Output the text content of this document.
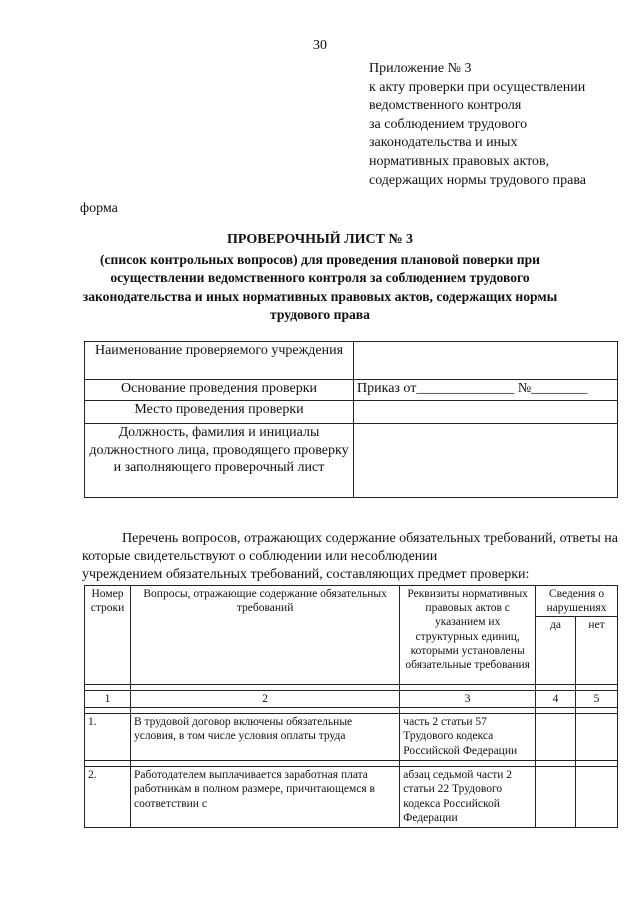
30
Приложение № 3
к акту проверки при осуществлении
ведомственного контроля
за соблюдением трудового
законодательства и иных
нормативных правовых актов,
содержащих нормы трудового права
форма
ПРОВЕРОЧНЫЙ ЛИСТ № 3
(список контрольных вопросов) для проведения плановой поверки при осуществлении ведомственного контроля за соблюдением трудового законодательства и иных нормативных правовых актов, содержащих нормы трудового права
Наименование проверяемого учреждения	
Основание проведения проверки	Приказ от______________ №________
Место проведения проверки	
Должность, фамилия и инициалы должностного лица, проводящего проверку и заполняющего проверочный лист	
Перечень вопросов, отражающих содержание обязательных требований, ответы на которые свидетельствуют о соблюдении или несоблюдении
учреждением обязательных требований, составляющих предмет проверки:
Номер строки	Вопросы, отражающие содержание обязательных требований	Реквизиты нормативных правовых актов с указанием их структурных единиц, которыми установлены обязательные требования	Сведения о нарушениях	
			да	нет

1	2	3	4	5

1.	В трудовой договор включены обязательные условия, в том числе условия оплаты труда	часть 2 статьи 57 Трудового кодекса Российской Федерации		

2.	Работодателем выплачивается заработная плата работникам в полном размере, причитающемся в соответствии с	абзац седьмой части 2 статьи 22 Трудового кодекса Российской Федерации		
